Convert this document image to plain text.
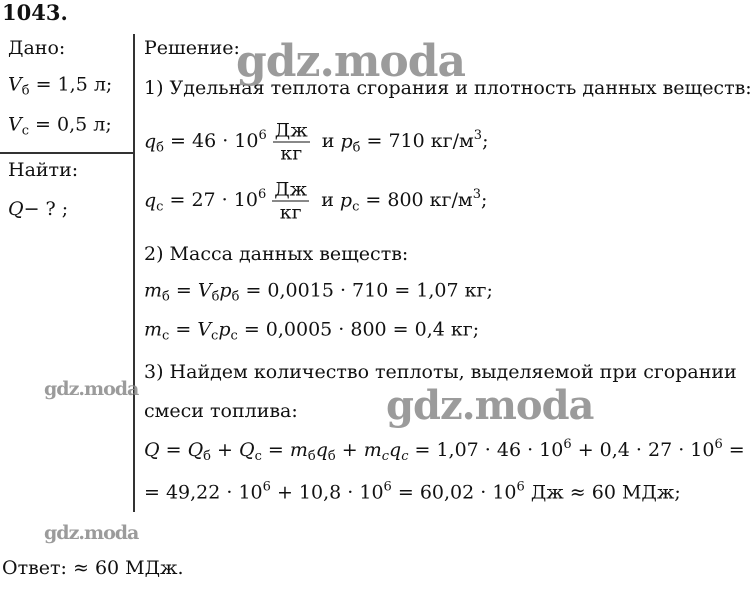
1043.
Дано:
$V_б = 1,5$ л;
$V_с = 0,5$ л;
Найти:
Q− ? ;
Решение:
1) Удельная теплота сгорания и плотность данных веществ:
$q_б = 46 \cdot 10^6 \frac{Дж}{кг}$ и $p_б = 710$ $кг/м^3$;
$q_с = 27 \cdot 10^6 \frac{Дж}{кг}$ и $p_с = 800$ $кг/м^3$;
2) Масса данных веществ:
$m_б = V_бp_б = 0,0015 \cdot 710 = 1,07$ кг;
$m_с = V_сp_с = 0,0005 \cdot 800 = 0,4$ кг;
3) Найдем количество теплоты, выделяемой при сгорании
смеси топлива:
$Q = Q_б + Q_с = m_бq_б + m_cq_c = 1,07 \cdot 46 \cdot 10^6 + 0,4 \cdot 27 \cdot 10^6$ =
= $49,22 \cdot 10^6 + 10,8 \cdot 10^6 = 60,02 \cdot 10^6$ Дж ≈ 60 МДж;
Ответ: ≈ 60 МДж.
gdz.moda
gdz.moda
gdz.moda
gdz.moda
